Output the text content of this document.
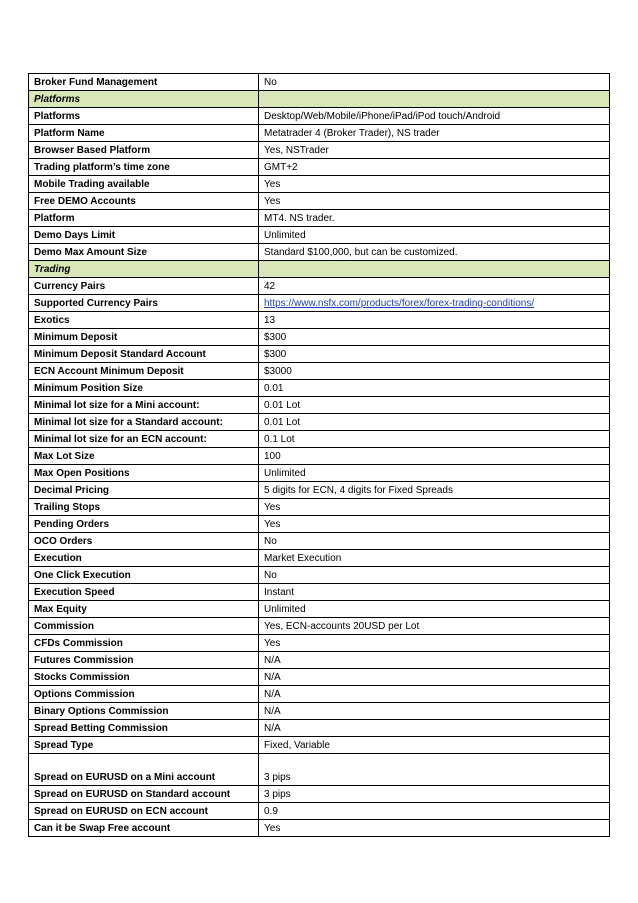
Broker Fund Management	No
Platforms	
Platforms	Desktop/Web/Mobile/iPhone/iPad/iPod touch/Android
Platform Name	Metatrader 4 (Broker Trader), NS trader
Browser Based Platform	Yes, NSTrader
Trading platform’s time zone	GMT+2
Mobile Trading available	Yes
Free DEMO Accounts	Yes
Platform	MT4. NS trader.
Demo Days Limit	Unlimited
Demo Max Amount Size	Standard $100,000, but can be customized.
Trading	
Currency Pairs	42
Supported Currency Pairs	https://www.nsfx.com/products/forex/forex-trading-conditions/
Exotics	13
Minimum Deposit	$300
Minimum Deposit Standard Account	$300
ECN Account Minimum Deposit	$3000
Minimum Position Size	0.01
Minimal lot size for a Mini account:	0.01 Lot
Minimal lot size for a Standard account:	0.01 Lot
Minimal lot size for an ECN account:	0.1 Lot
Max Lot Size	100
Max Open Positions	Unlimited
Decimal Pricing	5 digits for ECN, 4 digits for Fixed Spreads
Trailing Stops	Yes
Pending Orders	Yes
OCO Orders	No
Execution	Market Execution
One Click Execution	No
Execution Speed	Instant
Max Equity	Unlimited
Commission	Yes, ECN-accounts 20USD per Lot
CFDs Commission	Yes
Futures Commission	N/A
Stocks Commission	N/A
Options Commission	N/A
Binary Options Commission	N/A
Spread Betting Commission	N/A
Spread Type	Fixed, Variable
Spread on EURUSD on a Mini account	3 pips
Spread on EURUSD on Standard account	3 pips
Spread on EURUSD on ECN account	0.9
Can it be Swap Free account	Yes
